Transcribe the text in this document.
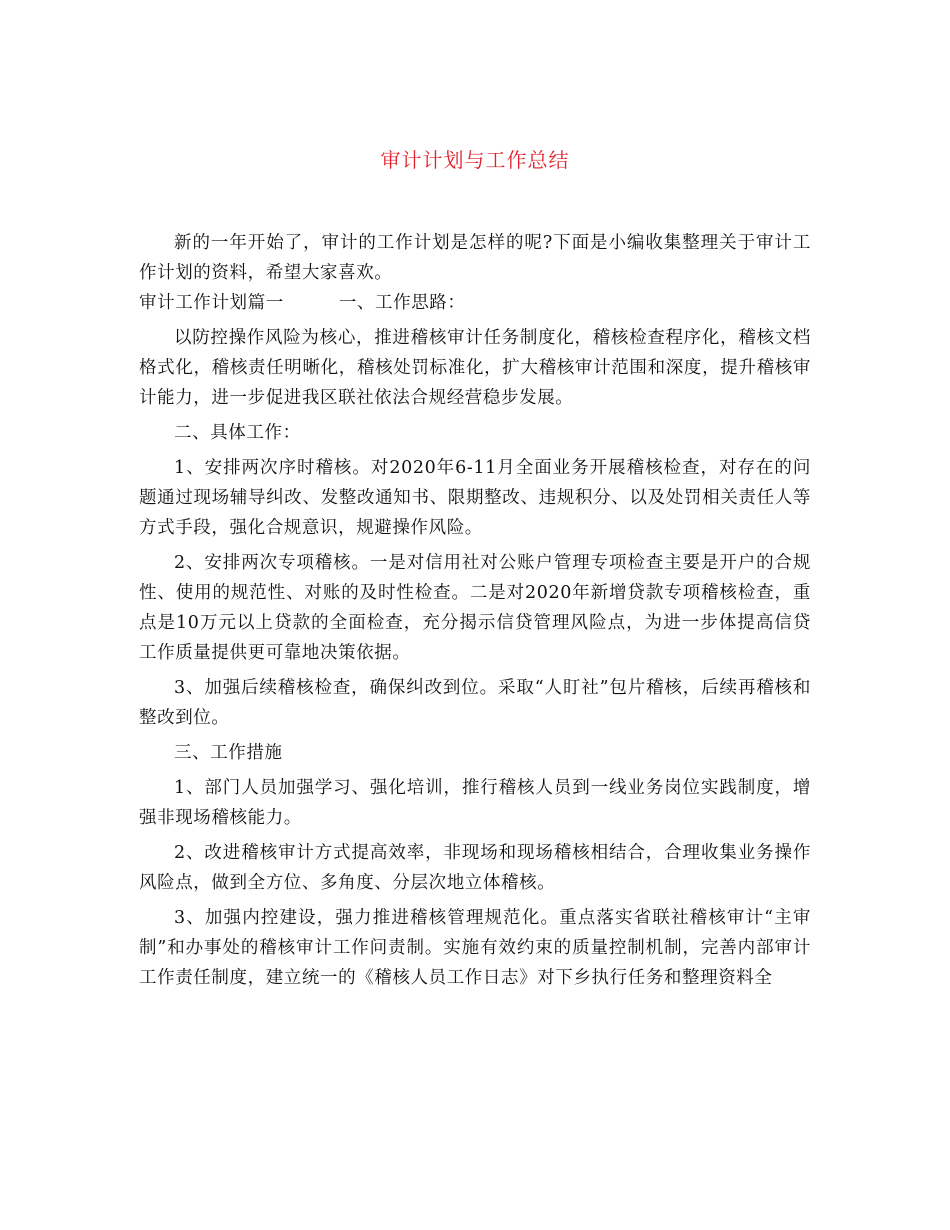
审计计划与工作总结

新的一年开始了，审计的工作计划是怎样的呢?下面是小编收集整理关于审计工作计划的资料，希望大家喜欢。

审计工作计划篇一	一、工作思路：

以防控操作风险为核心，推进稽核审计任务制度化，稽核检查程序化，稽核文档格式化，稽核责任明晰化，稽核处罚标准化，扩大稽核审计范围和深度，提升稽核审计能力，进一步促进我区联社依法合规经营稳步发展。

二、具体工作：

1、安排两次序时稽核。对2020年6-11月全面业务开展稽核检查，对存在的问题通过现场辅导纠改、发整改通知书、限期整改、违规积分、以及处罚相关责任人等方式手段，强化合规意识，规避操作风险。

2、安排两次专项稽核。一是对信用社对公账户管理专项检查主要是开户的合规性、使用的规范性、对账的及时性检查。二是对2020年新增贷款专项稽核检查，重点是10万元以上贷款的全面检查，充分揭示信贷管理风险点，为进一步体提高信贷工作质量提供更可靠地决策依据。

3、加强后续稽核检查，确保纠改到位。采取“人盯社”包片稽核，后续再稽核和整改到位。

三、工作措施

1、部门人员加强学习、强化培训，推行稽核人员到一线业务岗位实践制度，增强非现场稽核能力。

2、改进稽核审计方式提高效率，非现场和现场稽核相结合，合理收集业务操作风险点，做到全方位、多角度、分层次地立体稽核。

3、加强内控建设，强力推进稽核管理规范化。重点落实省联社稽核审计“主审制”和办事处的稽核审计工作问责制。实施有效约束的质量控制机制，完善内部审计工作责任制度，建立统一的《稽核人员工作日志》对下乡执行任务和整理资料全
